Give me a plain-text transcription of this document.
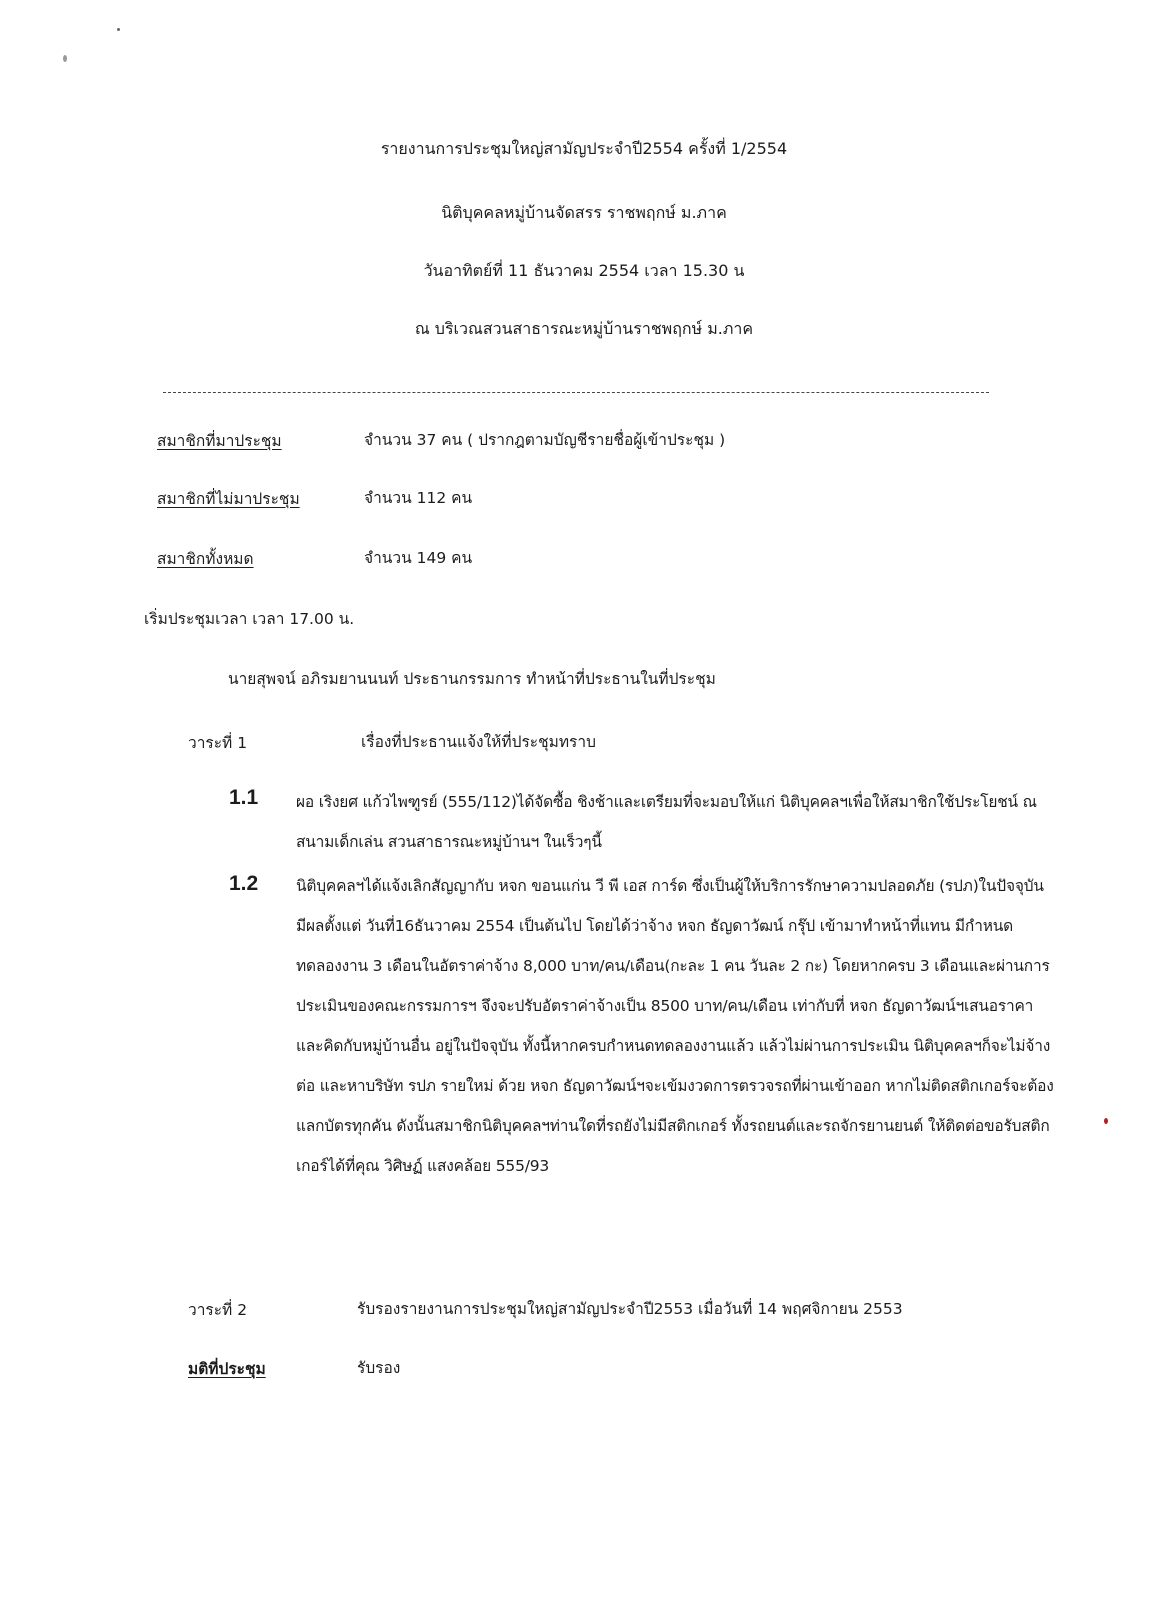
รายงานการประชุมใหญ่สามัญประจำปี2554 ครั้งที่ 1/2554
นิติบุคคลหมู่บ้านจัดสรร ราชพฤกษ์ ม.ภาค
วันอาทิตย์ที่ 11 ธันวาคม 2554 เวลา 15.30 น
ณ บริเวณสวนสาธารณะหมู่บ้านราชพฤกษ์ ม.ภาค
สมาชิกที่มาประชุม	จำนวน 37 คน ( ปรากฎตามบัญชีรายชื่อผู้เข้าประชุม )
สมาชิกที่ไม่มาประชุม	จำนวน 112 คน
สมาชิกทั้งหมด	จำนวน 149 คน
เริ่มประชุมเวลา เวลา 17.00 น.
นายสุพจน์ อภิรมยานนนท์ ประธานกรรมการ ทำหน้าที่ประธานในที่ประชุม
วาระที่ 1	เรื่องที่ประธานแจ้งให้ที่ประชุมทราบ
1.1 ผอ เริงยศ แก้วไพฑูรย์ (555/112)ได้จัดซื้อ ชิงช้าและเตรียมที่จะมอบให้แก่ นิติบุคคลฯเพื่อให้สมาชิกใช้ประโยชน์ ณ สนามเด็กเล่น สวนสาธารณะหมู่บ้านฯ ในเร็วๆนี้
1.2 นิติบุคคลฯได้แจ้งเลิกสัญญากับ หจก ขอนแก่น วี พี เอส การ์ด ซึ่งเป็นผู้ให้บริการรักษาความปลอดภัย (รปภ)ในปัจจุบัน มีผลตั้งแต่ วันที่16ธันวาคม 2554 เป็นต้นไป โดยได้ว่าจ้าง หจก ธัญดาวัฒน์ กรุ๊ป เข้ามาทำหน้าที่แทน มีกำหนดทดลองงาน 3 เดือนในอัตราค่าจ้าง 8,000 บาท/คน/เดือน(กะละ 1 คน วันละ 2 กะ) โดยหากครบ 3 เดือนและผ่านการประเมินของคณะกรรมการฯ จึงจะปรับอัตราค่าจ้างเป็น 8500 บาท/คน/เดือน เท่ากับที่ หจก ธัญดาวัฒน์ฯเสนอราคาและคิดกับหมู่บ้านอื่น อยู่ในปัจจุบัน ทั้งนี้หากครบกำหนดทดลองงานแล้ว แล้วไม่ผ่านการประเมิน นิติบุคคลฯก็จะไม่จ้างต่อ และหาบริษัท รปภ รายใหม่ ด้วย หจก ธัญดาวัฒน์ฯจะเข้มงวดการตรวจรถที่ผ่านเข้าออก หากไม่ติดสติกเกอร์จะต้องแลกบัตรทุกคัน ดังนั้นสมาชิกนิติบุคคลฯท่านใดที่รถยังไม่มีสติกเกอร์ ทั้งรถยนต์และรถจักรยานยนต์ ให้ติดต่อขอรับสติกเกอร์ได้ที่คุณ วิศิษฏ์ แสงคล้อย 555/93
วาระที่ 2	รับรองรายงานการประชุมใหญ่สามัญประจำปี2553 เมื่อวันที่ 14 พฤศจิกายน 2553
มติที่ประชุม	รับรอง
